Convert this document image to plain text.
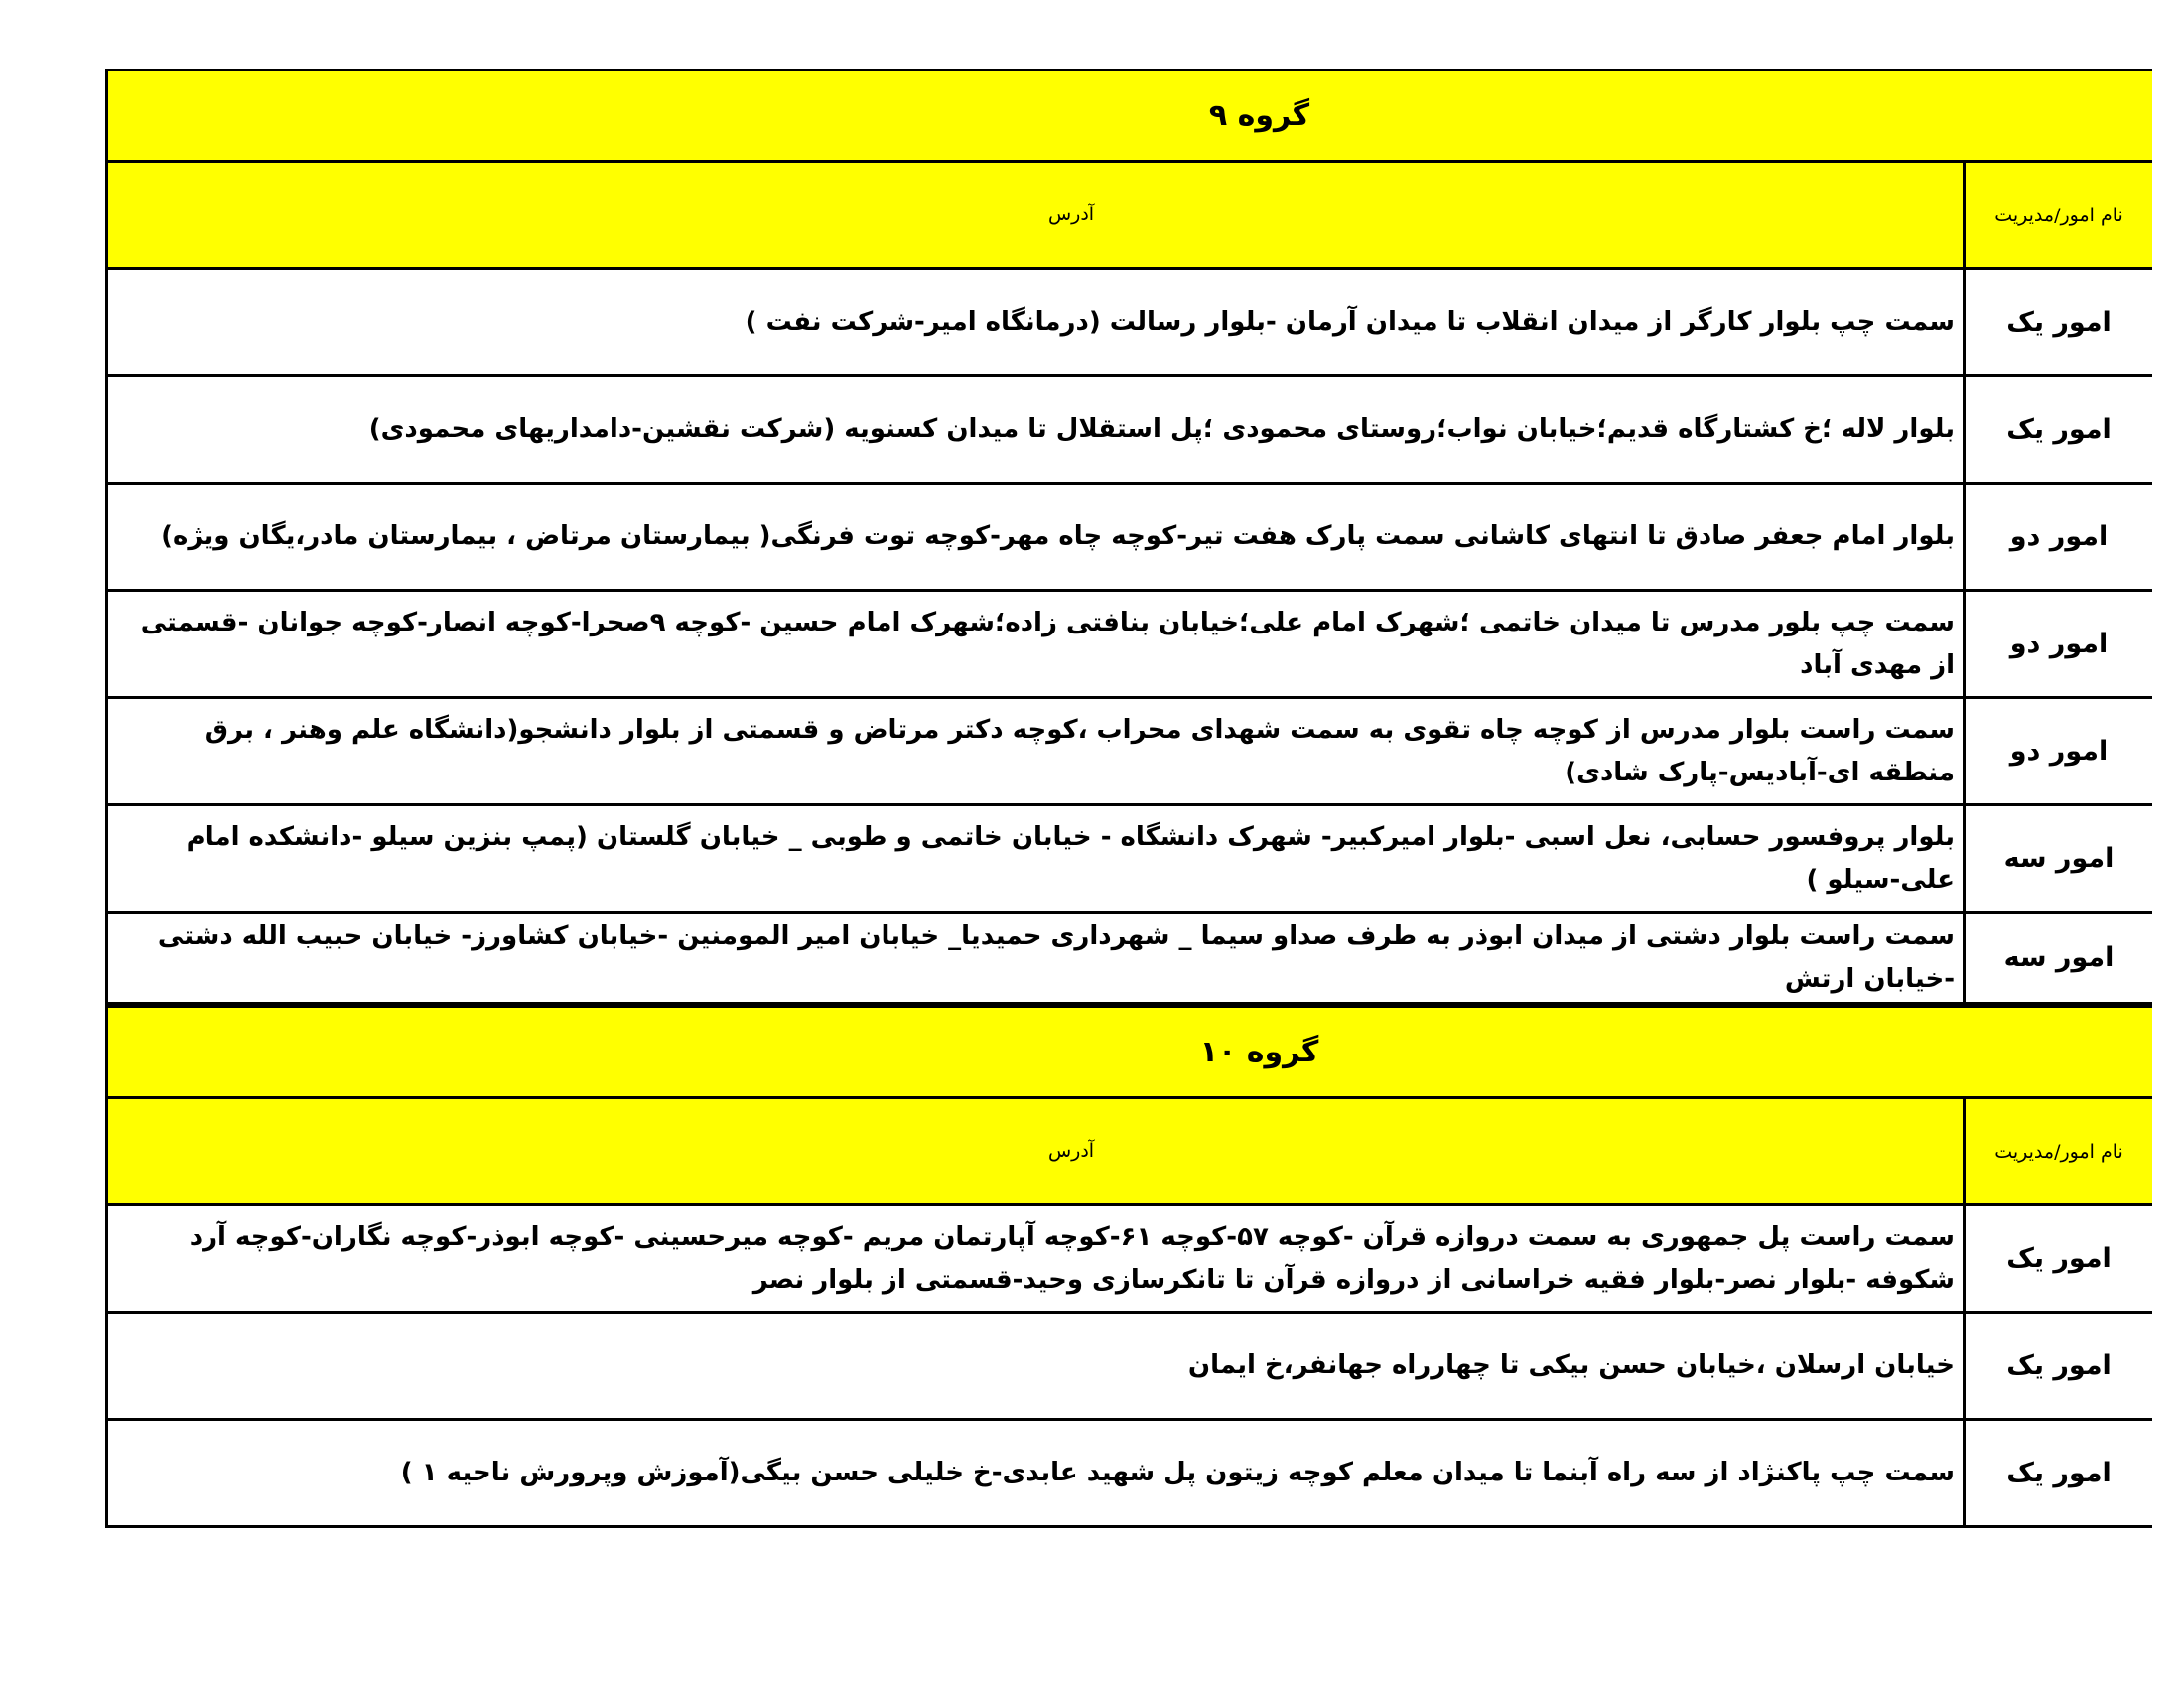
گروه ۹
نام امور/مدیریت
آدرس
امور یک
سمت چپ بلوار کارگر از میدان انقلاب تا میدان آرمان -بلوار رسالت (درمانگاه امیر-شرکت نفت )
امور یک
بلوار لاله ؛خ کشتارگاه قدیم؛خیابان نواب؛روستای محمودی ؛پل استقلال تا میدان کسنویه (شرکت نقشین-دامداریهای محمودی)
امور دو
بلوار امام جعفر صادق تا انتهای کاشانی سمت پارک هفت تیر-کوچه چاه مهر-کوچه توت فرنگی( بیمارستان مرتاض ، بیمارستان مادر،یگان ویژه)
امور دو
سمت چپ بلور مدرس تا میدان خاتمی ؛شهرک امام علی؛خیابان بنافتی زاده؛شهرک امام حسین -کوچه ۹صحرا-کوچه انصار-کوچه جوانان -قسمتی از مهدی آباد
امور دو
سمت راست بلوار مدرس از کوچه چاه تقوی به سمت شهدای محراب ،کوچه دکتر مرتاض و قسمتی از بلوار دانشجو(دانشگاه علم وهنر ، برق منطقه ای-آبادیس-پارک شادی)
امور سه
بلوار پروفسور حسابی، نعل اسبی -بلوار امیرکبیر- شهرک دانشگاه - خیابان خاتمی و طوبی _ خیابان گلستان (پمپ بنزین سیلو -دانشکده امام علی-سیلو )
امور سه
سمت راست بلوار دشتی از میدان ابوذر به طرف صداو سیما _ شهرداری حمیدیا_ خیابان امیر المومنین -خیابان کشاورز- خیابان حبیب الله دشتی -خیابان ارتش
گروه ۱۰
نام امور/مدیریت
آدرس
امور یک
سمت راست پل جمهوری به سمت دروازه قرآن -کوچه ۵۷-کوچه ۶۱-کوچه آپارتمان مریم -کوچه میرحسینی -کوچه ابوذر-کوچه نگاران-کوچه آرد شکوفه -بلوار نصر-بلوار فقیه خراسانی از دروازه قرآن تا تانکرسازی وحید-قسمتی از بلوار نصر
امور یک
خیابان ارسلان ،خیابان حسن بیکی تا چهارراه جهانفر،خ ایمان
امور یک
سمت چپ پاکنژاد از سه راه آبنما تا میدان معلم کوچه زیتون پل شهید عابدی-خ خلیلی حسن بیگی(آموزش وپرورش ناحیه ۱ )
